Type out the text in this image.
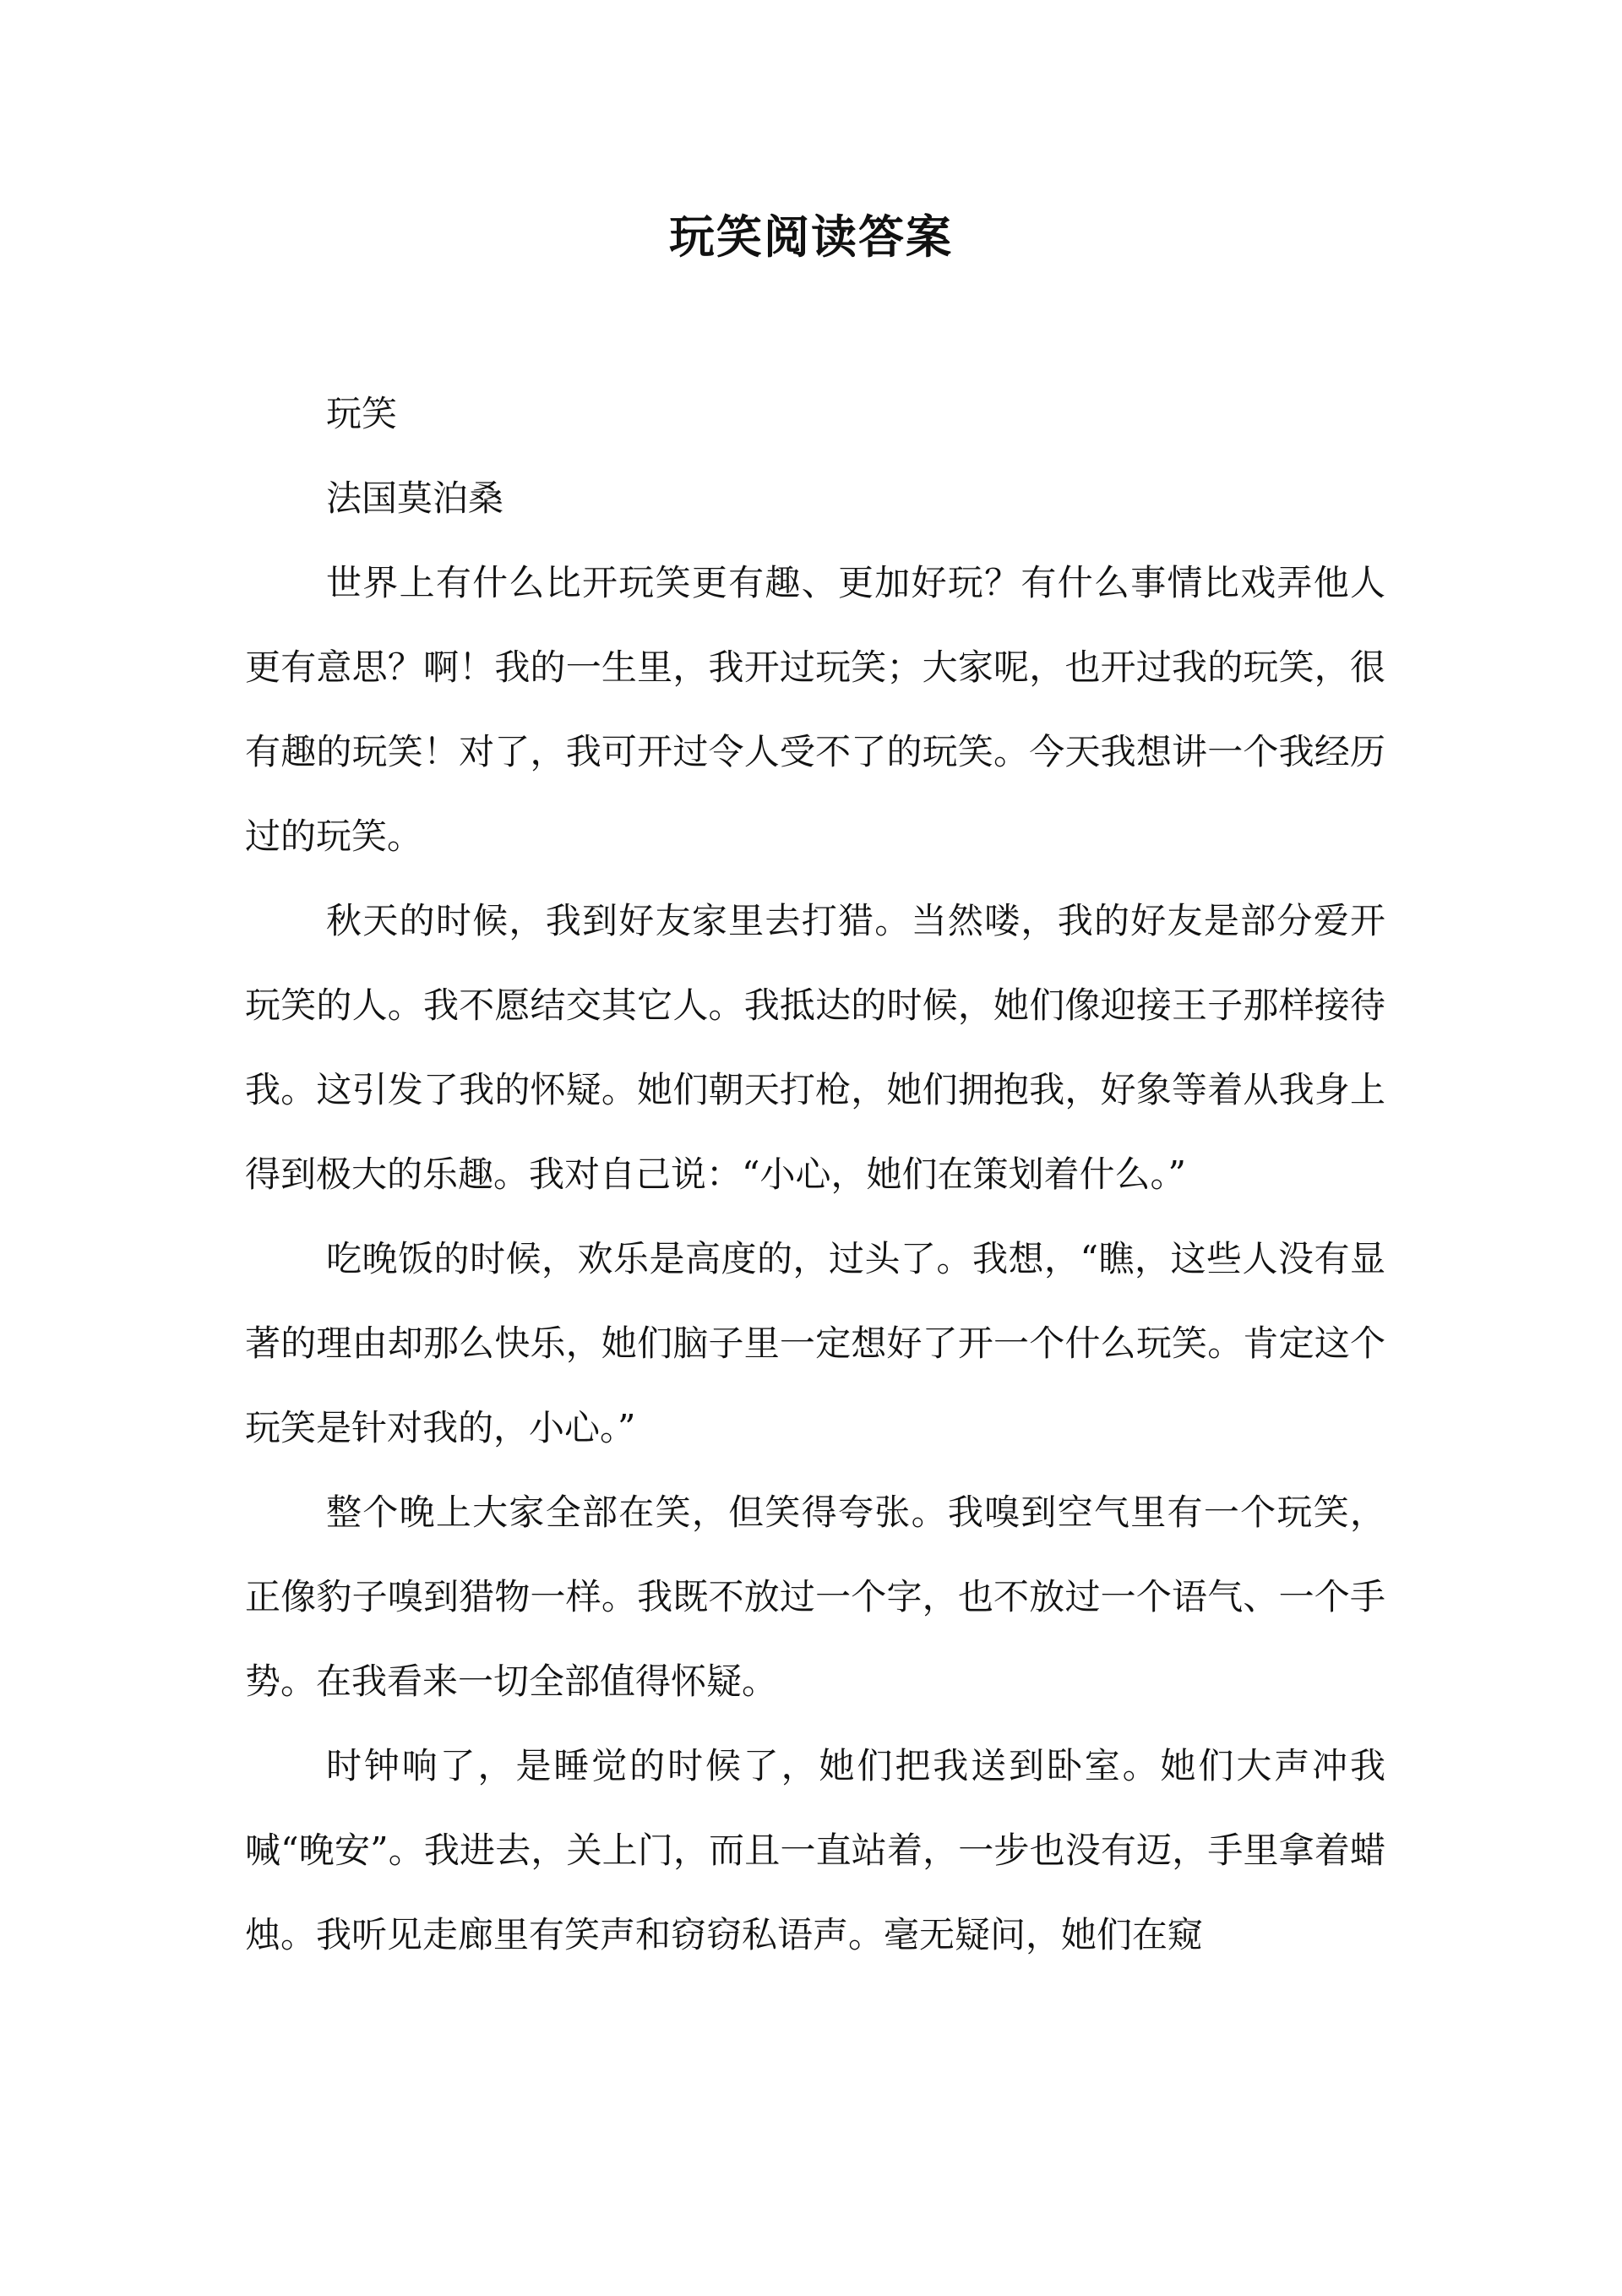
玩笑阅读答案

玩笑

法国莫泊桑

世界上有什么比开玩笑更有趣、更加好玩？有什么事情比戏弄他人更有意思？啊！我的一生里，我开过玩笑；大家呢，也开过我的玩笑，很有趣的玩笑！对了，我可开过令人受不了的玩笑。今天我想讲一个我经历过的玩笑。

秋天的时候，我到好友家里去打猎。当然喽，我的好友是部分爱开玩笑的人。我不愿结交其它人。我抵达的时候，她们像迎接王子那样接待我。这引发了我的怀疑。她们朝天打枪，她们拥抱我，好象等着从我身上得到极大的乐趣。我对自己说：“小心，她们在策划着什么。”

吃晚饭的时候，欢乐是高度的，过头了。我想，“瞧，这些人没有显著的理由却那么快乐，她们脑子里一定想好了开一个什么玩笑。肯定这个玩笑是针对我的，小心。”

整个晚上大家全部在笑，但笑得夸张。我嗅到空气里有一个玩笑，正像豹子嗅到猎物一样。我既不放过一个字，也不放过一个语气、一个手势。在我看来一切全部值得怀疑。

时钟响了，是睡觉的时候了，她们把我送到卧室。她们大声冲我喊“晚安”。我进去，关上门，而且一直站着，一步也没有迈，手里拿着蜡烛。我听见走廊里有笑声和窃窃私语声。毫无疑问，她们在窥
